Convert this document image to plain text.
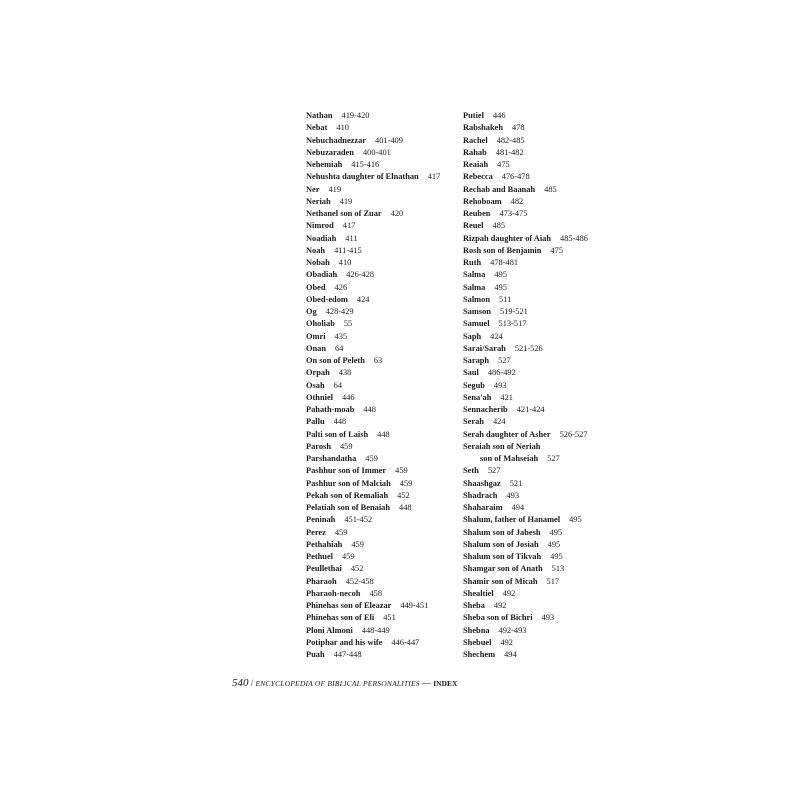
Nathan 419-420
Nebat 410
Nebuchadnezzar 401-409
Nebuzaraden 400-401
Nehemiah 415-416
Nehushta daughter of Elnathan 417
Ner 419
Neriah 419
Nethanel son of Zuar 420
Nimrod 417
Noadiah 411
Noah 411-415
Nobah 410
Obadiah 426-428
Obed 426
Obed-edom 424
Og 428-429
Oholiab 55
Omri 435
Onan 64
On son of Peleth 63
Orpah 438
Osah 64
Othniel 446
Pahath-moab 448
Pallu 448
Palti son of Laish 448
Parosh 459
Parshandatha 459
Pashhur son of Immer 459
Pashhur son of Malciah 459
Pekah son of Remaliah 452
Pelatiah son of Benaiah 448
Peninah 451-452
Perez 459
Pethahiah 459
Pethuel 459
Peullethai 452
Pharaoh 452-458
Pharaoh-necoh 458
Phinehas son of Eleazar 449-451
Phinehas son of Eli 451
Ploni Almoni 448-449
Potiphar and his wife 446-447
Puah 447-448
Putiel 446
Rabshakeh 478
Rachel 482-485
Rahab 481-482
Reaiah 475
Rebecca 476-478
Rechab and Baanah 485
Rehoboam 482
Reuben 473-475
Reuel 485
Rizpah daughter of Aiah 485-486
Rosh son of Benjamin 475
Ruth 478-481
Salma 495
Salma 495
Salmon 511
Samson 519-521
Samuel 513-517
Saph 424
Sarai/Sarah 521-526
Saraph 527
Saul 486-492
Segub 493
Sena'ah 421
Sennacherib 421-424
Serah 424
Serah daughter of Asher 526-527
Seraiah son of Neriah
son of Mahseiah 527
Seth 527
Shaashgaz 521
Shadrach 493
Shaharaim 494
Shalum, father of Hanamel 495
Shalum son of Jabesh 495
Shalum son of Josiah 495
Shalum son of Tikvah 495
Shamgar son of Anath 513
Shamir son of Micah 517
Shealtiel 492
Sheba 492
Sheba son of Bichri 493
Shebna 492-493
Shebuel 492
Shechem 494
540 / ENCYCLOPEDIA OF BIBLICAL PERSONALITIES — INDEX
